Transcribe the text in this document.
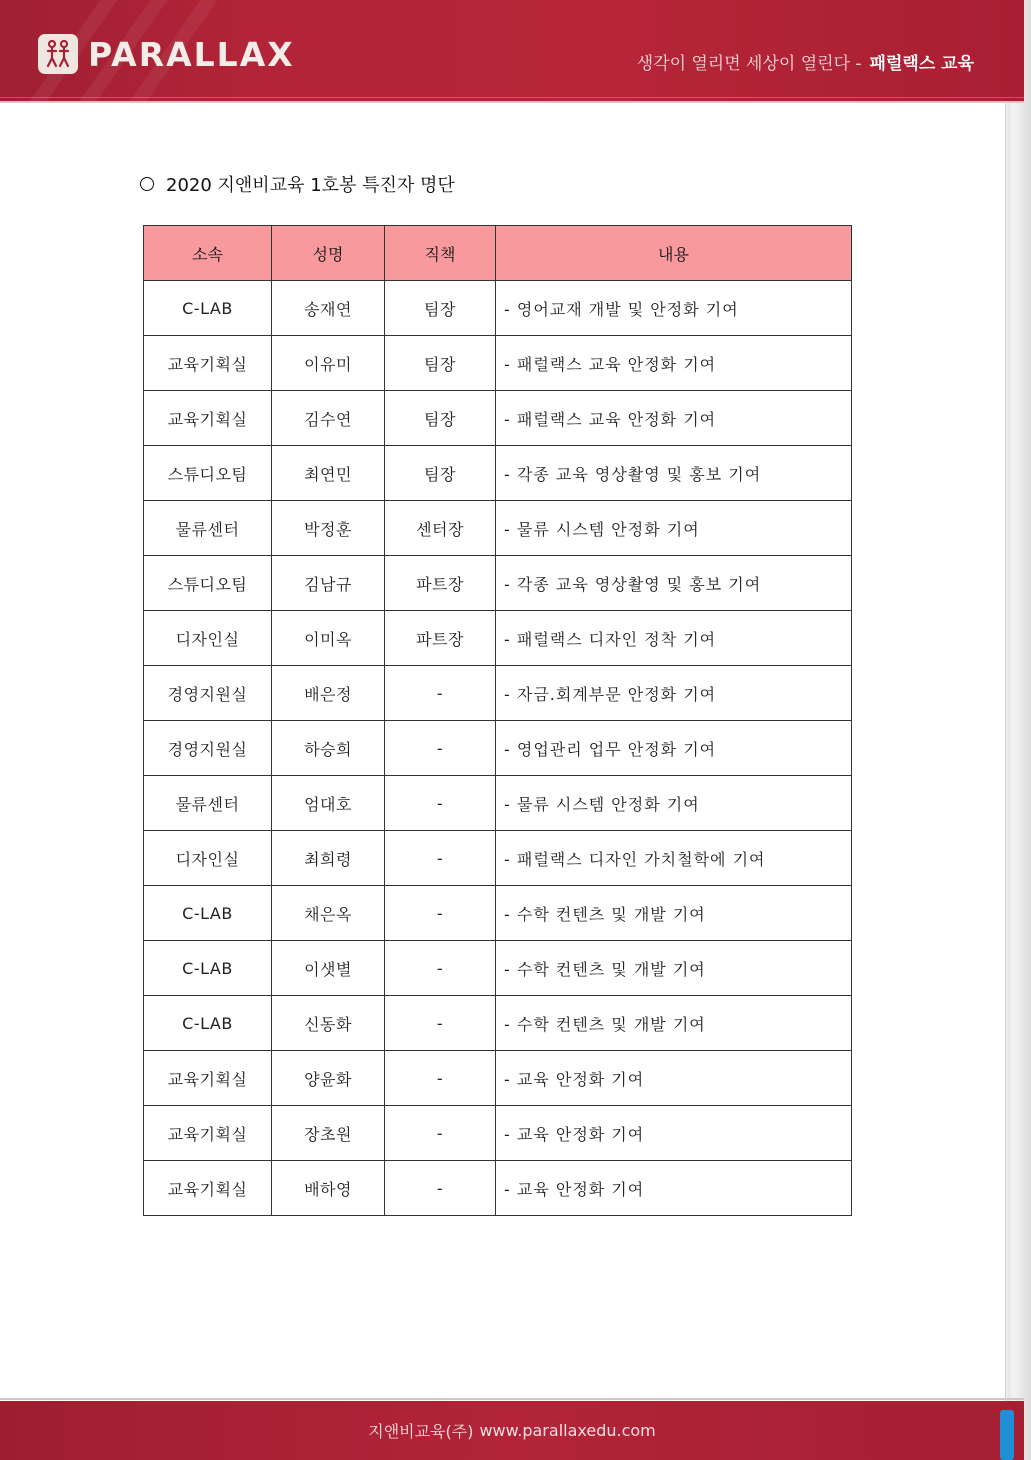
PARALLAX	생각이 열리면 세상이 열린다 - 패럴랙스 교육
2020 지앤비교육 1호봉 특진자 명단
소속	성명	직책	내용
C-LAB	송재연	팀장	- 영어교재 개발 및 안정화 기여
교육기획실	이유미	팀장	- 패럴랙스 교육 안정화 기여
교육기획실	김수연	팀장	- 패럴랙스 교육 안정화 기여
스튜디오팀	최연민	팀장	- 각종 교육 영상촬영 및 홍보 기여
물류센터	박정훈	센터장	- 물류 시스템 안정화 기여
스튜디오팀	김남규	파트장	- 각종 교육 영상촬영 및 홍보 기여
디자인실	이미옥	파트장	- 패럴랙스 디자인 정착 기여
경영지원실	배은정	-	- 자금.회계부문 안정화 기여
경영지원실	하승희	-	- 영업관리 업무 안정화 기여
물류센터	엄대호	-	- 물류 시스템 안정화 기여
디자인실	최희령	-	- 패럴랙스 디자인 가치철학에 기여
C-LAB	채은옥	-	- 수학 컨텐츠 및 개발 기여
C-LAB	이샛별	-	- 수학 컨텐츠 및 개발 기여
C-LAB	신동화	-	- 수학 컨텐츠 및 개발 기여
교육기획실	양윤화	-	- 교육 안정화 기여
교육기획실	장초원	-	- 교육 안정화 기여
교육기획실	배하영	-	- 교육 안정화 기여
지앤비교육(주) www.parallaxedu.com
